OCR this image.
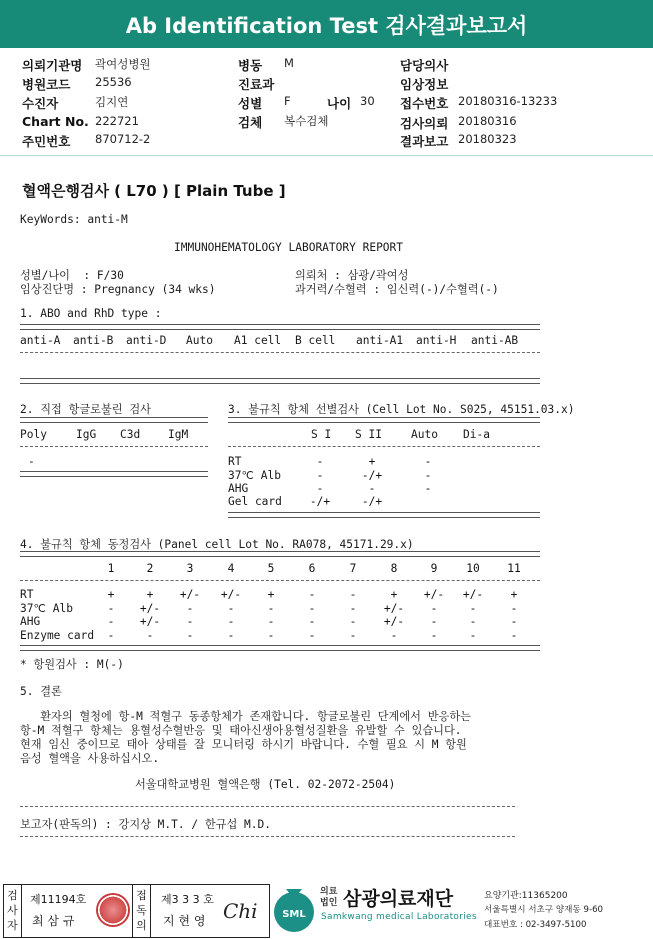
Ab Identification Test 검사결과보고서
의뢰기관명 곽여성병원
병원코드 25536
수진자	김지연
Chart No. 222721
주민번호 870712-2
병동 M
진료과
성별 F	나이 30
검체 복수검체
담당의사
임상정보
접수번호 20180316-13233
검사의뢰 20180316
결과보고 20180323
혈액은행검사 ( L70 ) [ Plain Tube ]
KeyWords: anti-M
IMMUNOHEMATOLOGY LABORATORY REPORT
성별/나이  : F/30	의뢰처 : 삼광/곽여성
임상진단명 : Pregnancy (34 wks)	과거력/수혈력 : 임신력(-)/수혈력(-)
1. ABO and RhD type :
anti-A anti-B anti-D Auto A1 cell B cell anti-A1 anti-H anti-AB
2. 직접 항글로불린 검사
Poly	IgG C3d IgM
-
3. 불규칙 항체 선별검사 (Cell Lot No. S025, 45151.03.x)
S I S II	Auto Di-a
RT	-	+	-
37℃ Alb	-	-/+	-
AHG	-	-	-
Gel card	-/+	-/+
4. 불규칙 항체 동정검사 (Panel cell Lot No. RA078, 45171.29.x)
1	2	3	4	5	6	7	8	9	10	11
RT	+	+	+/-	+/-	+	-	-	+	+/-	+/-	+
37℃ Alb	-	+/-	-	-	-	-	-	+/-	-	-	-
AHG	-	+/-	-	-	-	-	-	+/-	-	-	-
Enzyme card	-	-	-	-	-	-	-	-	-	-	-
* 항원검사 : M(-)
5. 결론
환자의 혈청에 항-M 적혈구 동종항체가 존재합니다. 항글로불린 단계에서 반응하는
항-M 적혈구 항체는 용혈성수혈반응 및 태아신생아용혈성질환을 유발할 수 있습니다.
현재 임신 중이므로 태아 상태를 잘 모니터링 하시기 바랍니다. 수혈 필요 시 M 항원
음성 혈액을 사용하십시오.
서울대학교병원 혈액은행 (Tel. 02-2072-2504)
보고자(판독의) : 강지상 M.T. / 한규섭 M.D.
검
사
자
제11194호
최 삼 규
접
독
의
제3 3 3 호
지 현 영 Chi SML
의료
법인 삼광의료재단
Samkwang medical Laboratories
요양기관:11365200
서울특별시 서초구 양재동 9-60
대표번호 : 02-3497-5100
